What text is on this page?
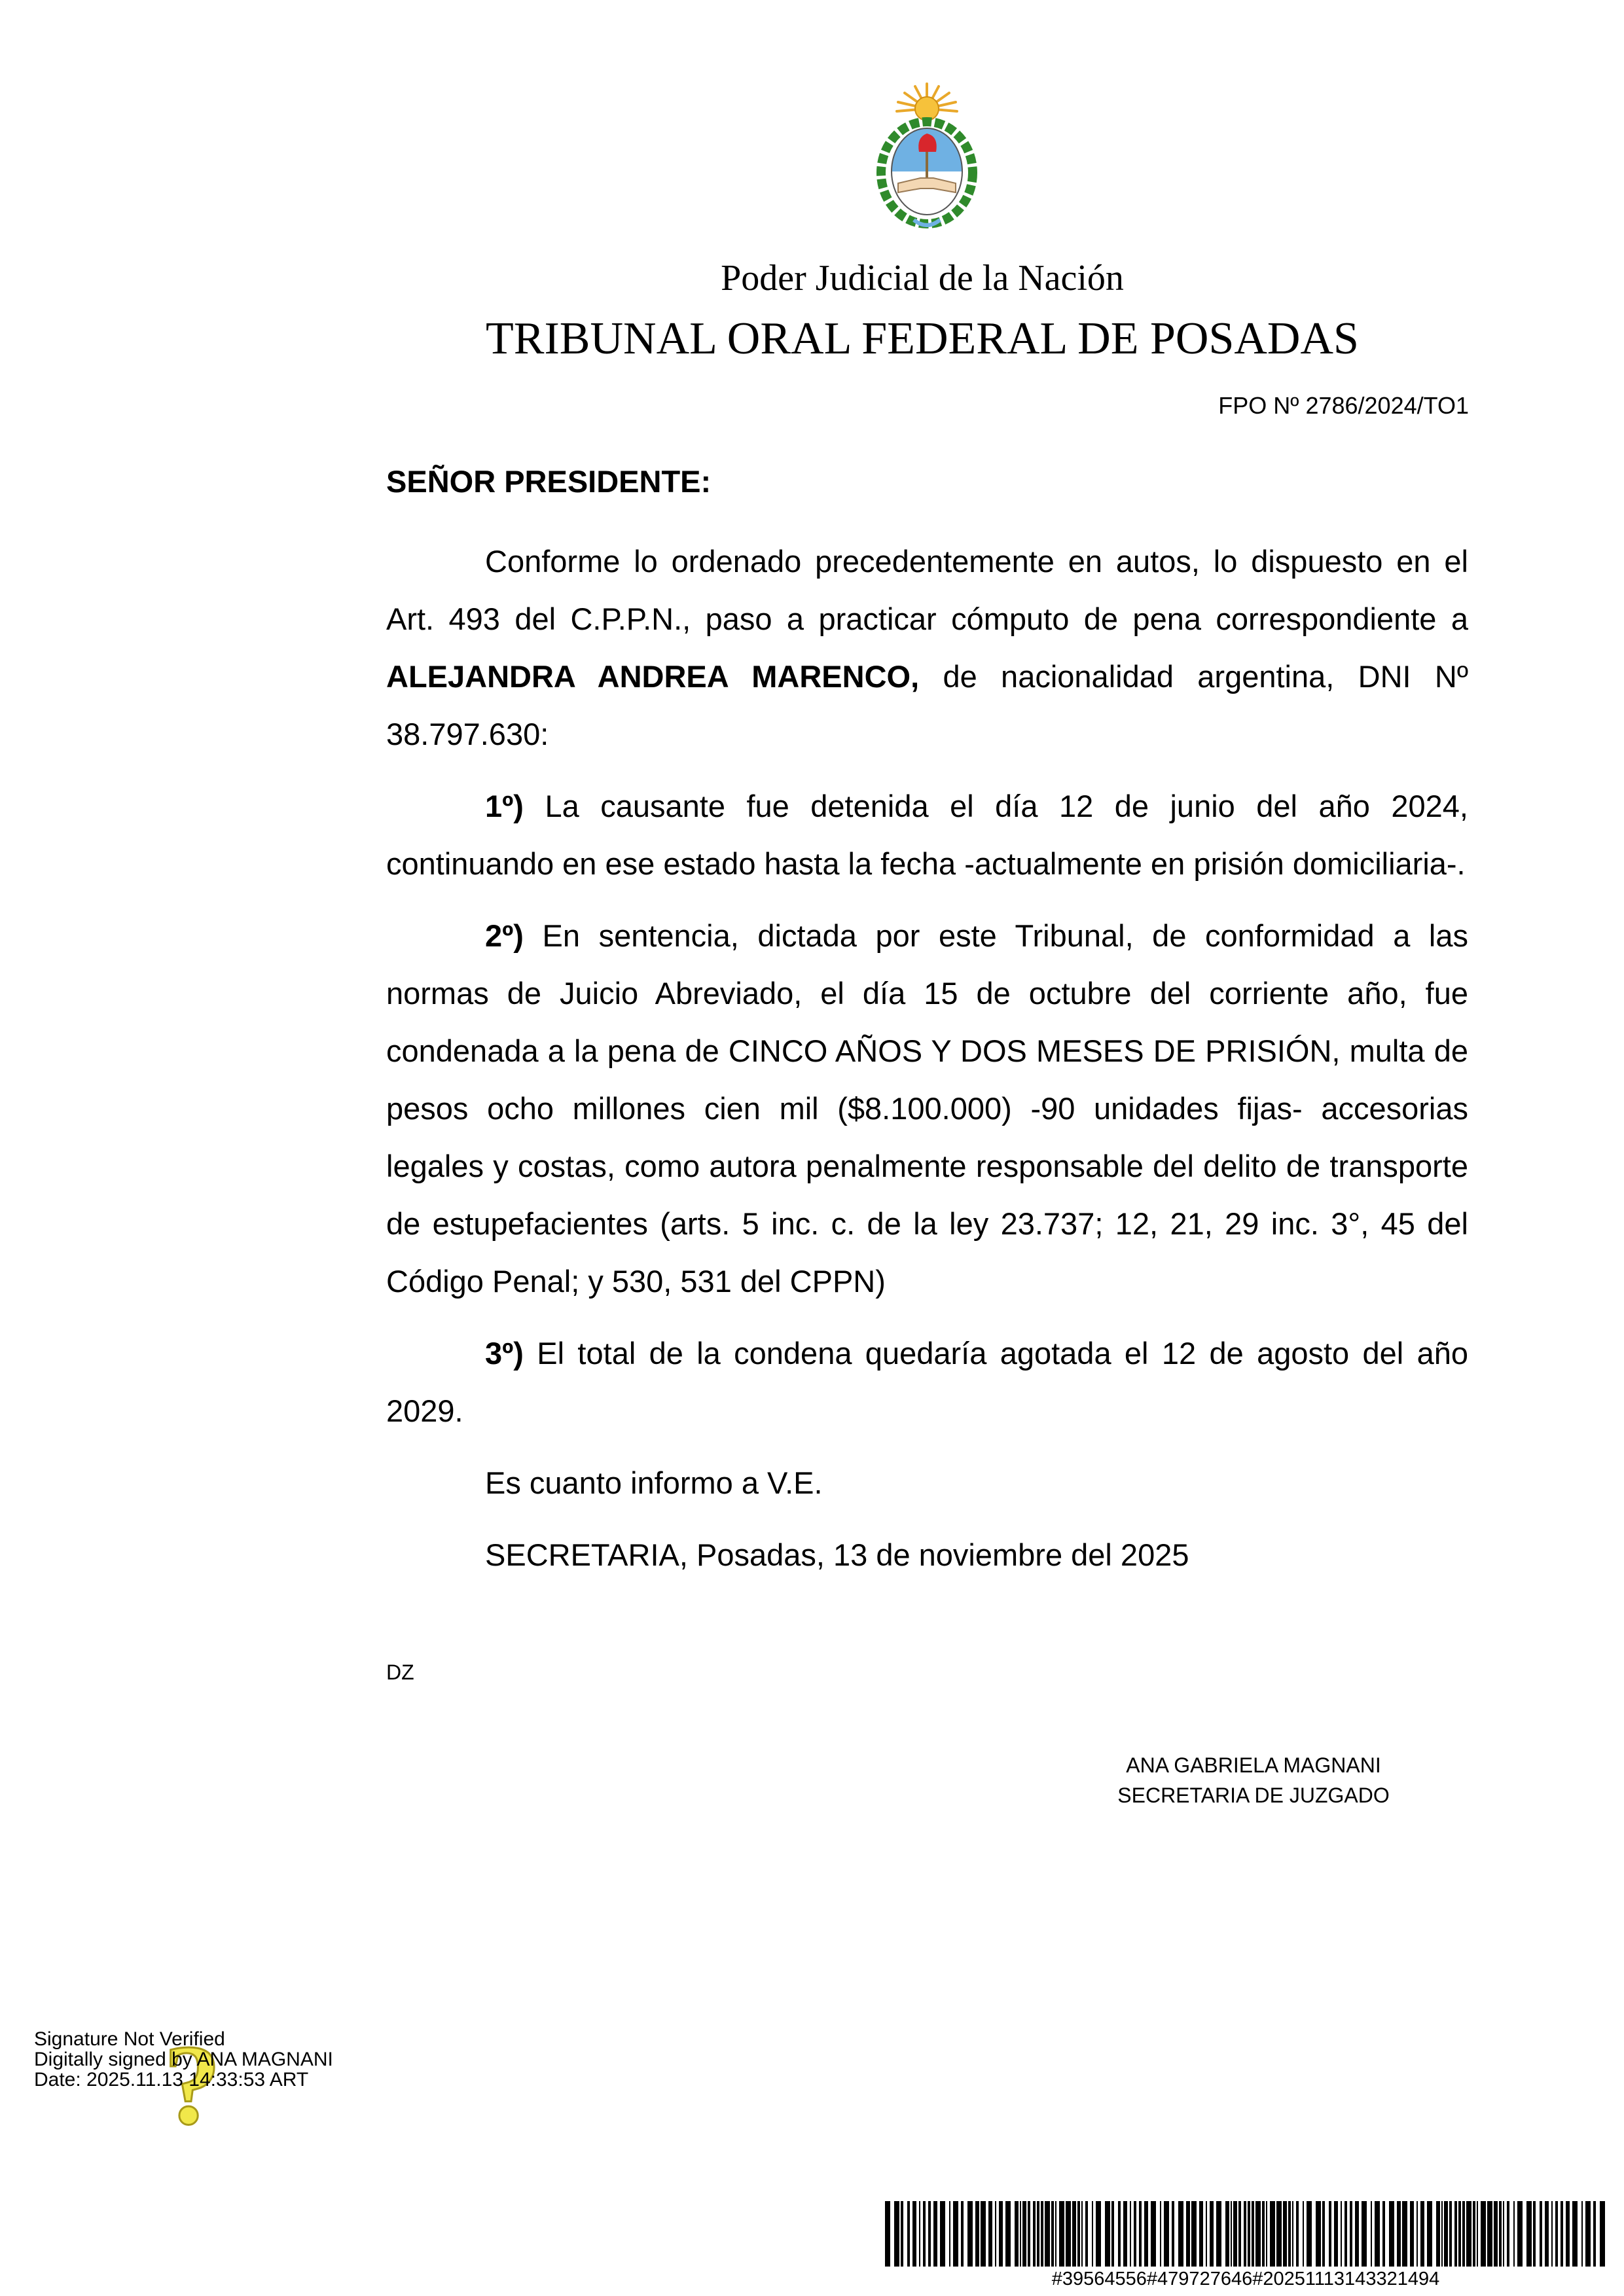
Poder Judicial de la Nación
TRIBUNAL ORAL FEDERAL DE POSADAS
FPO Nº 2786/2024/TO1
SEÑOR PRESIDENTE:

Conforme lo ordenado precedentemente en autos, lo dispuesto en el Art. 493 del C.P.P.N., paso a practicar cómputo de pena correspondiente a ALEJANDRA ANDREA MARENCO, de nacionalidad argentina, DNI Nº 38.797.630:

1º) La causante fue detenida el día 12 de junio del año 2024, continuando en ese estado hasta la fecha -actualmente en prisión domiciliaria-.

2º) En sentencia, dictada por este Tribunal, de conformidad a las normas de Juicio Abreviado, el día 15 de octubre del corriente año, fue condenada a la pena de CINCO AÑOS Y DOS MESES DE PRISIÓN, multa de pesos ocho millones cien mil ($8.100.000) -90 unidades fijas- accesorias legales y costas, como autora penalmente responsable del delito de transporte de estupefacientes (arts. 5 inc. c. de la ley 23.737; 12, 21, 29 inc. 3°, 45 del Código Penal; y 530, 531 del CPPN)

3º) El total de la condena quedaría agotada el 12 de agosto del año 2029.

Es cuanto informo a V.E.

SECRETARIA, Posadas, 13 de noviembre del 2025

DZ
ANA GABRIELA MAGNANI
SECRETARIA DE JUZGADO
?
Signature Not Verified
Digitally signed by ANA MAGNANI
Date: 2025.11.13 14:33:53 ART
#39564556#479727646#20251113143321494
